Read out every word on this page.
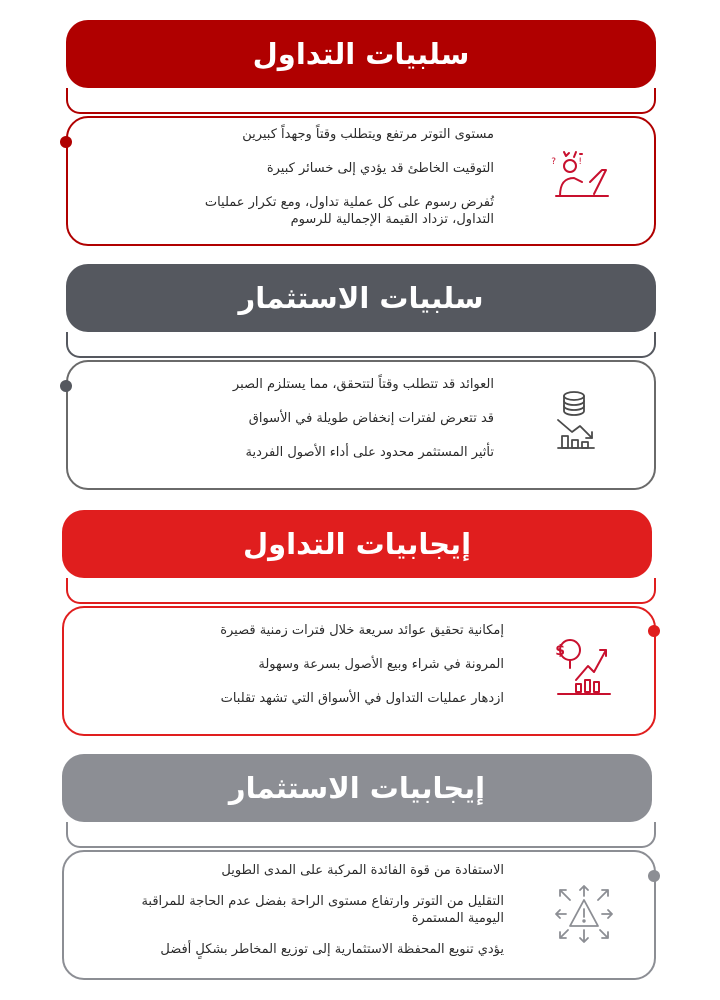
سلبيات التداول
? !
مستوى التوتر مرتفع ويتطلب وقتاً وجهداً كبيرين
التوقيت الخاطئ قد يؤدي إلى خسائر كبيرة
تُفرض رسوم على كل عملية تداول، ومع تكرار عمليات التداول، تزداد القيمة الإجمالية للرسوم
سلبيات الاستثمار
العوائد قد تتطلب وقتاً لتتحقق، مما يستلزم الصبر
قد تتعرض لفترات إنخفاض طويلة في الأسواق
تأثير المستثمر محدود على أداء الأصول الفردية
إيجابيات التداول
$
إمكانية تحقيق عوائد سريعة خلال فترات زمنية قصيرة
المرونة في شراء وبيع الأصول بسرعة وسهولة
ازدهار عمليات التداول في الأسواق التي تشهد تقلبات
إيجابيات الاستثمار
الاستفادة من قوة الفائدة المركبة على المدى الطويل
التقليل من التوتر وارتفاع مستوى الراحة بفضل عدم الحاجة للمراقبة اليومية المستمرة
يؤدي تنويع المحفظة الاستثمارية إلى توزيع المخاطر بشكلٍ أفضل
